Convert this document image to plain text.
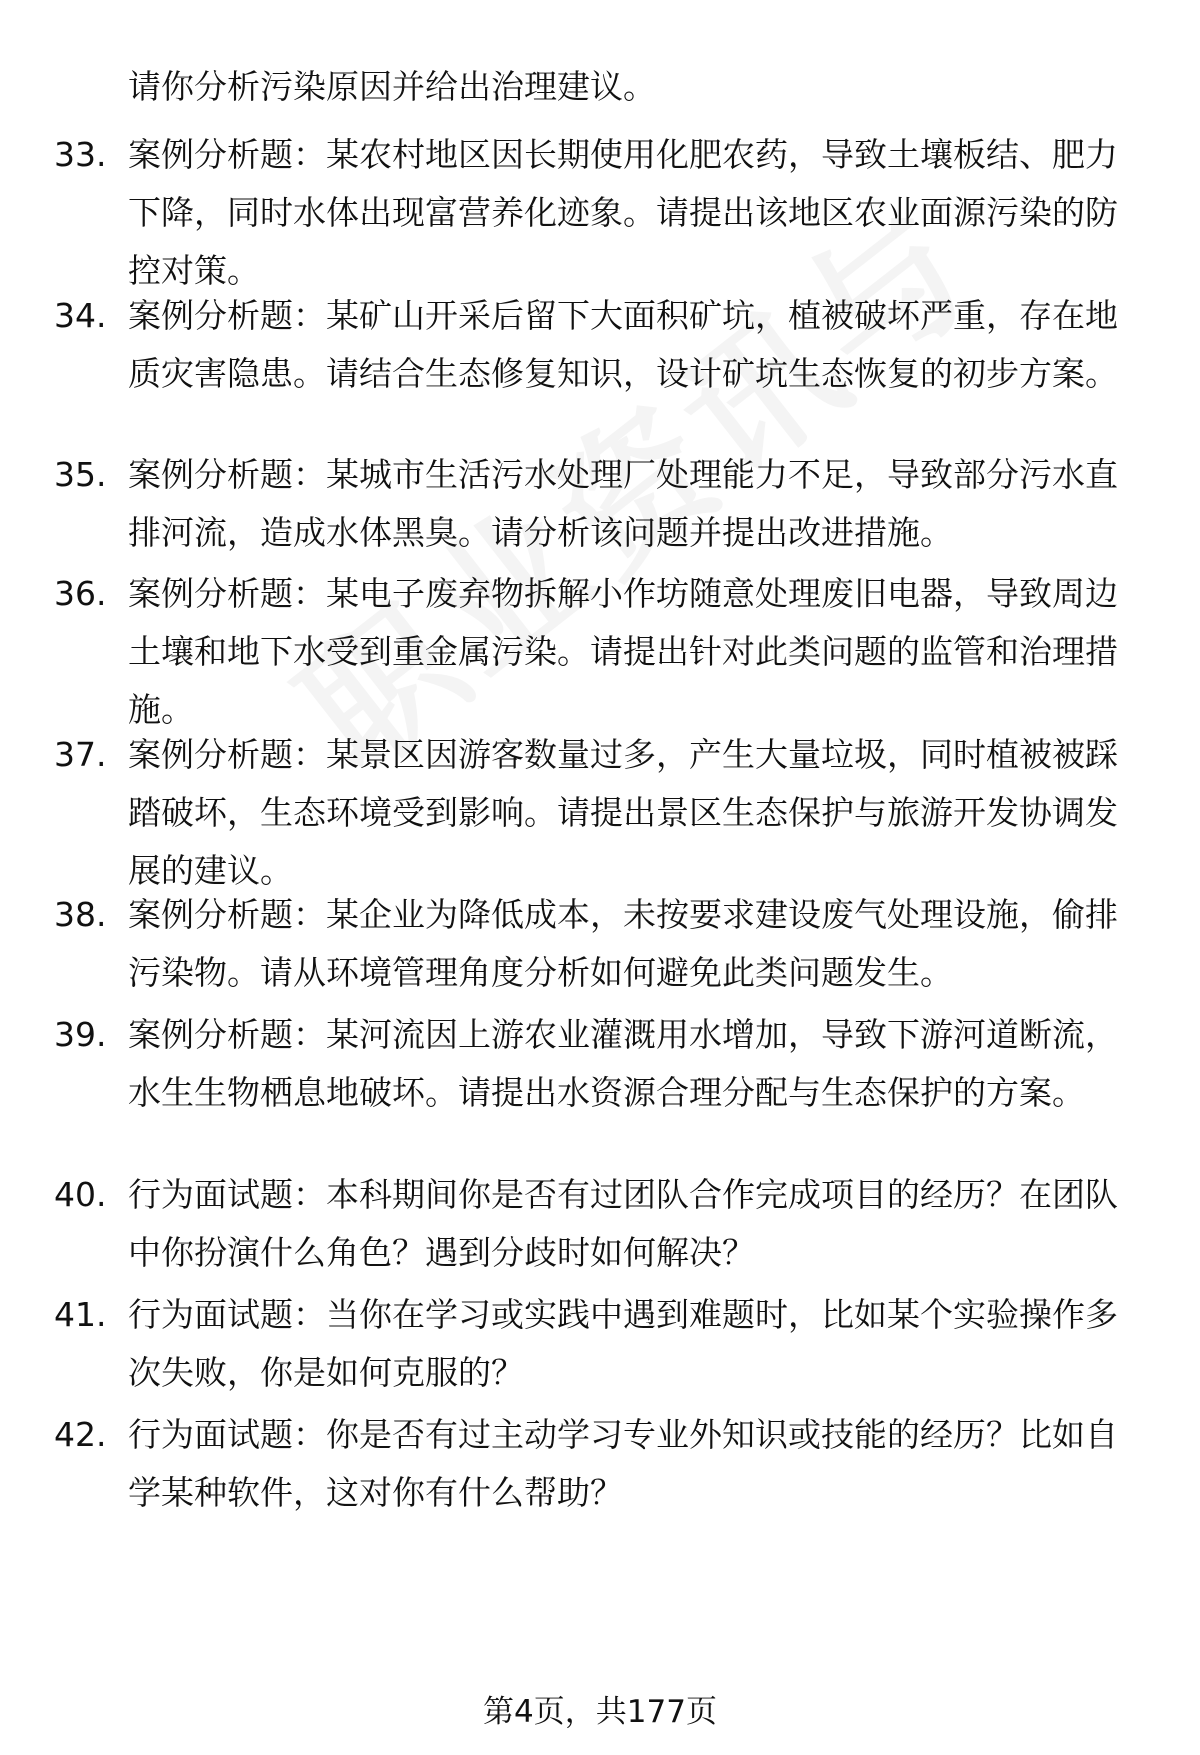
请你分析污染原因并给出治理建议。
33. 案例分析题：某农村地区因长期使用化肥农药，导致土壤板结、肥力下降，同时水体出现富营养化迹象。请提出该地区农业面源污染的防控对策。
34. 案例分析题：某矿山开采后留下大面积矿坑，植被破坏严重，存在地质灾害隐患。请结合生态修复知识，设计矿坑生态恢复的初步方案。
35. 案例分析题：某城市生活污水处理厂处理能力不足，导致部分污水直排河流，造成水体黑臭。请分析该问题并提出改进措施。
36. 案例分析题：某电子废弃物拆解小作坊随意处理废旧电器，导致周边土壤和地下水受到重金属污染。请提出针对此类问题的监管和治理措施。
37. 案例分析题：某景区因游客数量过多，产生大量垃圾，同时植被被踩踏破坏，生态环境受到影响。请提出景区生态保护与旅游开发协调发展的建议。
38. 案例分析题：某企业为降低成本，未按要求建设废气处理设施，偷排污染物。请从环境管理角度分析如何避免此类问题发生。
39. 案例分析题：某河流因上游农业灌溉用水增加，导致下游河道断流，水生生物栖息地破坏。请提出水资源合理分配与生态保护的方案。
40. 行为面试题：本科期间你是否有过团队合作完成项目的经历？在团队中你扮演什么角色？遇到分歧时如何解决？
41. 行为面试题：当你在学习或实践中遇到难题时，比如某个实验操作多次失败，你是如何克服的？
42. 行为面试题：你是否有过主动学习专业外知识或技能的经历？比如自学某种软件，这对你有什么帮助？
第4页，共177页
